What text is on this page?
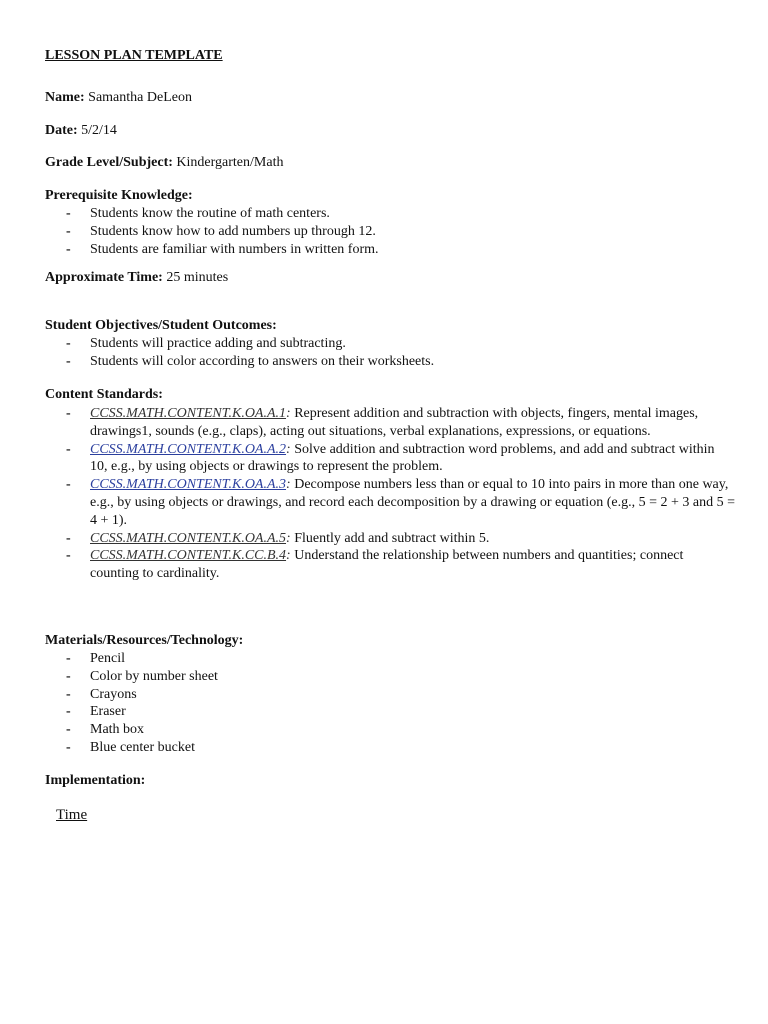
LESSON PLAN TEMPLATE
Name: Samantha DeLeon
Date: 5/2/14
Grade Level/Subject: Kindergarten/Math
Prerequisite Knowledge:
- Students know the routine of math centers.
- Students know how to add numbers up through 12.
- Students are familiar with numbers in written form.
Approximate Time: 25 minutes
Student Objectives/Student Outcomes:
- Students will practice adding and subtracting.
- Students will color according to answers on their worksheets.
Content Standards:
- CCSS.MATH.CONTENT.K.OA.A.1: Represent addition and subtraction with objects, fingers, mental images, drawings1, sounds (e.g., claps), acting out situations, verbal explanations, expressions, or equations.
- CCSS.MATH.CONTENT.K.OA.A.2: Solve addition and subtraction word problems, and add and subtract within 10, e.g., by using objects or drawings to represent the problem.
- CCSS.MATH.CONTENT.K.OA.A.3: Decompose numbers less than or equal to 10 into pairs in more than one way, e.g., by using objects or drawings, and record each decomposition by a drawing or equation (e.g., 5 = 2 + 3 and 5 = 4 + 1).
- CCSS.MATH.CONTENT.K.OA.A.5: Fluently add and subtract within 5.
- CCSS.MATH.CONTENT.K.CC.B.4: Understand the relationship between numbers and quantities; connect counting to cardinality.
Materials/Resources/Technology:
- Pencil
- Color by number sheet
- Crayons
- Eraser
- Math box
- Blue center bucket
Implementation:
Time
